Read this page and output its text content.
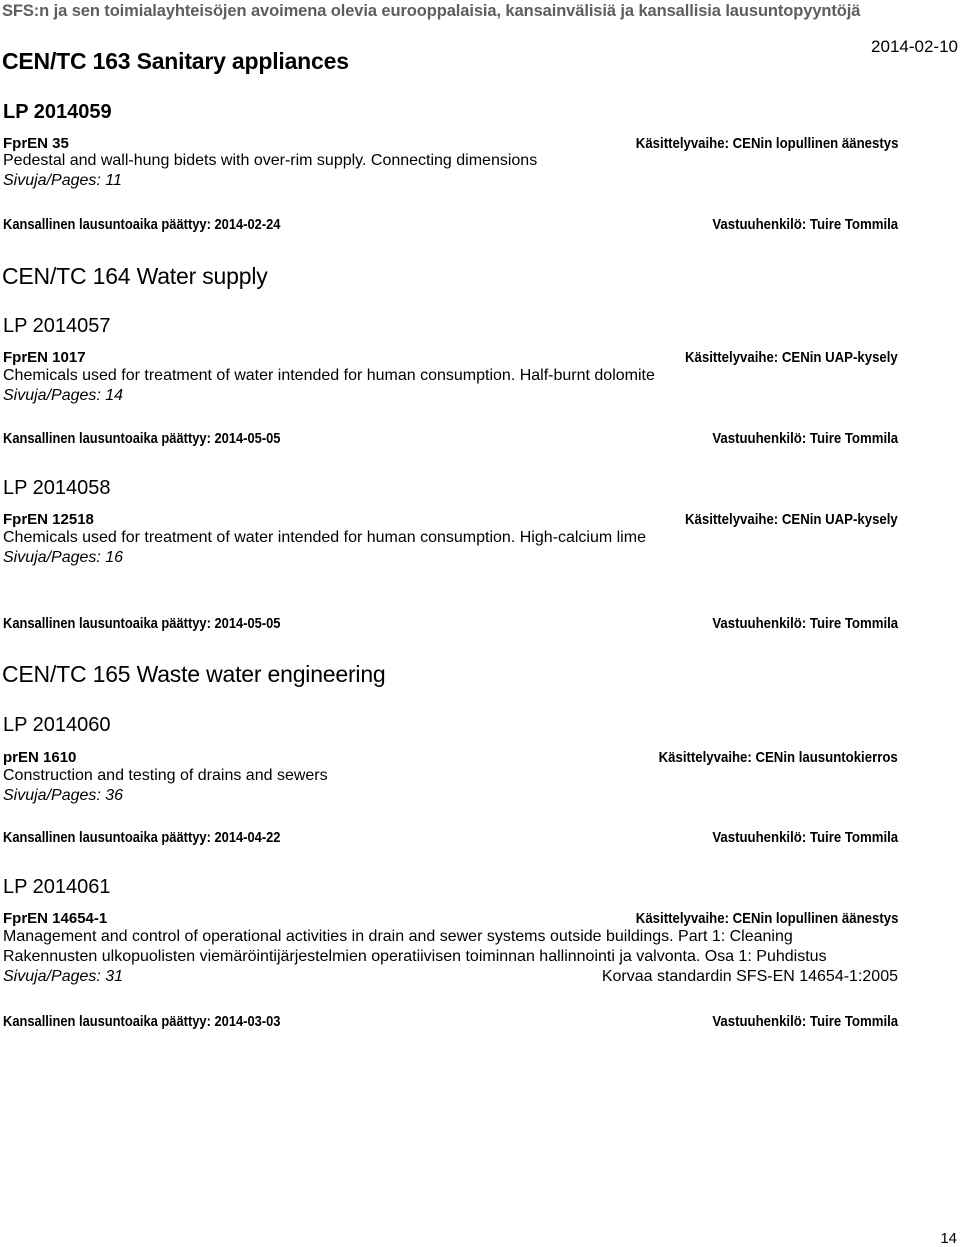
SFS:n ja sen toimialayhteisöjen avoimena olevia eurooppalaisia, kansainvälisiä ja kansallisia lausuntopyyntöjä
2014-02-10
CEN/TC 163 Sanitary appliances
LP 2014059
FprEN 35	Käsittelyvaihe: CENin lopullinen äänestys
Pedestal and wall-hung bidets with over-rim supply. Connecting dimensions
Sivuja/Pages: 11
Kansallinen lausuntoaika päättyy: 2014-02-24	Vastuuhenkilö: Tuire Tommila
CEN/TC 164 Water supply
LP 2014057
FprEN 1017	Käsittelyvaihe: CENin UAP-kysely
Chemicals used for treatment of water intended for human consumption. Half-burnt dolomite
Sivuja/Pages: 14
Kansallinen lausuntoaika päättyy: 2014-05-05	Vastuuhenkilö: Tuire Tommila
LP 2014058
FprEN 12518	Käsittelyvaihe: CENin UAP-kysely
Chemicals used for treatment of water intended for human consumption. High-calcium lime
Sivuja/Pages: 16
Kansallinen lausuntoaika päättyy: 2014-05-05	Vastuuhenkilö: Tuire Tommila
CEN/TC 165 Waste water engineering
LP 2014060
prEN 1610	Käsittelyvaihe: CENin lausuntokierros
Construction and testing of drains and sewers
Sivuja/Pages: 36
Kansallinen lausuntoaika päättyy: 2014-04-22	Vastuuhenkilö: Tuire Tommila
LP 2014061
FprEN 14654-1	Käsittelyvaihe: CENin lopullinen äänestys
Management and control of operational activities in drain and sewer systems outside buildings. Part 1: Cleaning
Rakennusten ulkopuolisten viemäröintijärjestelmien operatiivisen toiminnan hallinnointi ja valvonta. Osa 1: Puhdistus
Sivuja/Pages: 31	Korvaa standardin SFS-EN 14654-1:2005
Kansallinen lausuntoaika päättyy: 2014-03-03	Vastuuhenkilö: Tuire Tommila
14
